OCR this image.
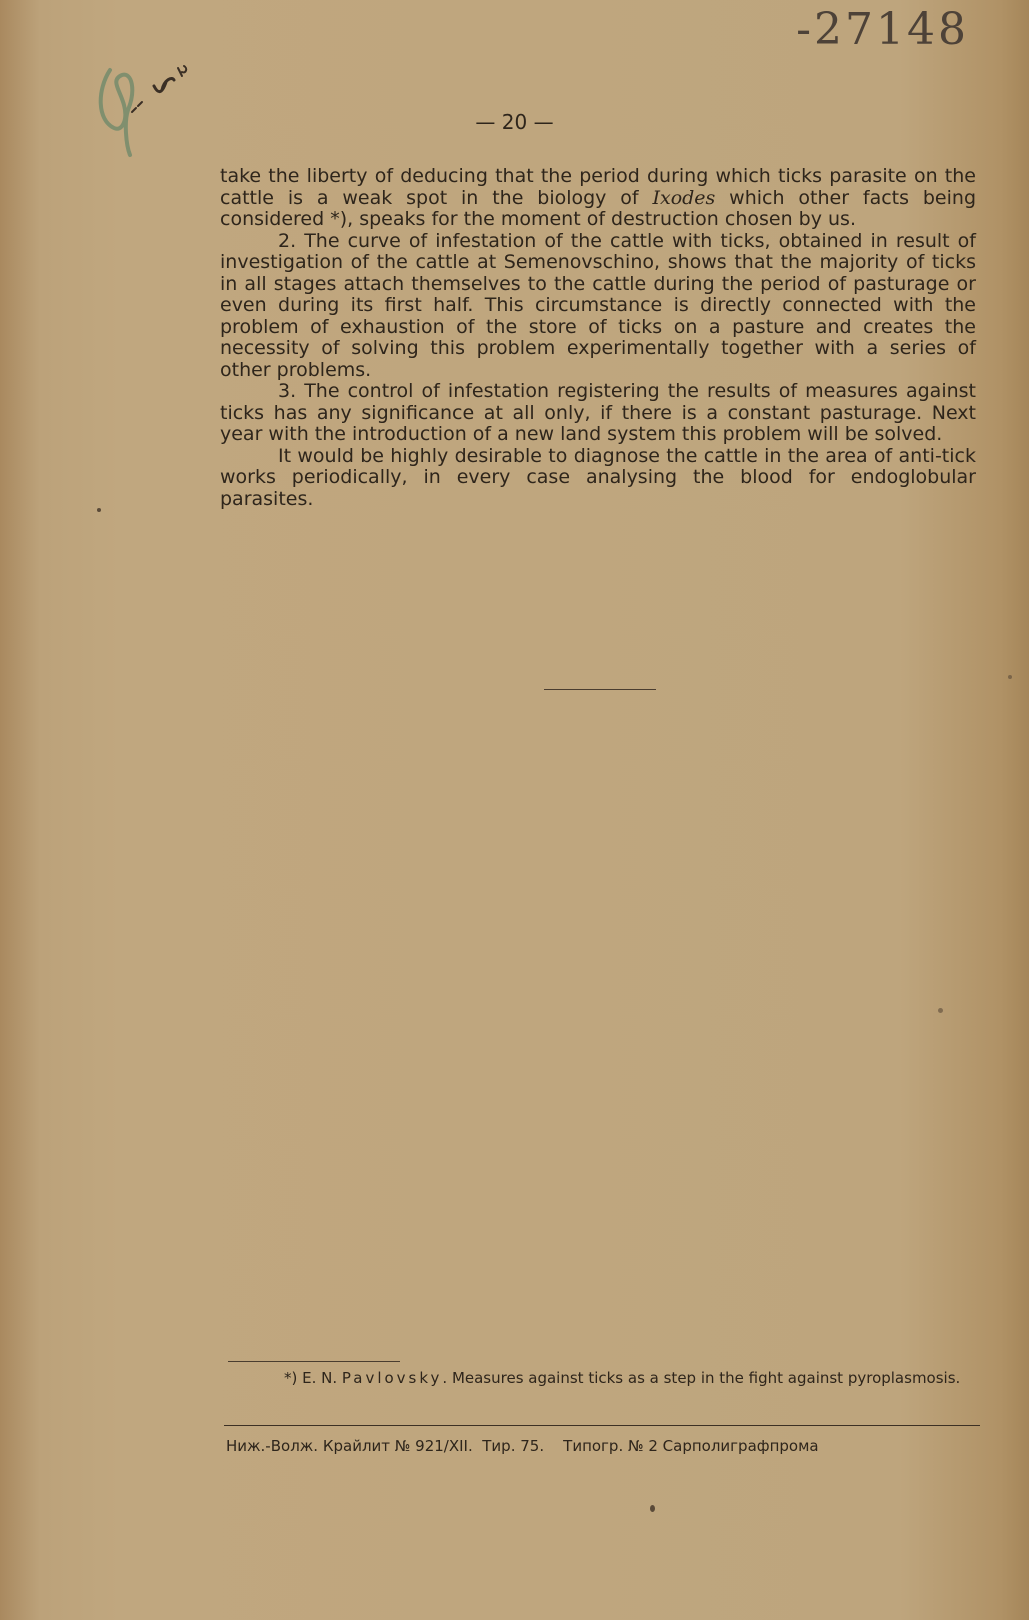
-27148
— 20 —

take the liberty of deducing that the period during which ticks parasite on the cattle is a weak spot in the biology of Ixodes which other facts being considered *), speaks for the moment of destruction chosen by us.

2. The curve of infestation of the cattle with ticks, obtained in result of investigation of the cattle at Semenovschino, shows that the majority of ticks in all stages attach themselves to the cattle during the period of pasturage or even during its first half. This circumstance is directly connected with the problem of exhaustion of the store of ticks on a pasture and creates the necessity of solving this problem experimentally together with a series of other problems.

3. The control of infestation registering the results of measures against ticks has any significance at all only, if there is a constant pasturage. Next year with the introduction of a new land system this problem will be solved.

It would be highly desirable to diagnose the cattle in the area of anti-tick works periodically, in every case analysing the blood for endoglobular parasites.

*) E. N. Pavlovsky. Measures against ticks as a step in the fight against pyroplasmosis.
Ниж.-Волж. Крайлит № 921/XII.  Тир. 75.    Типогр. № 2 Сарполиграфпрома
